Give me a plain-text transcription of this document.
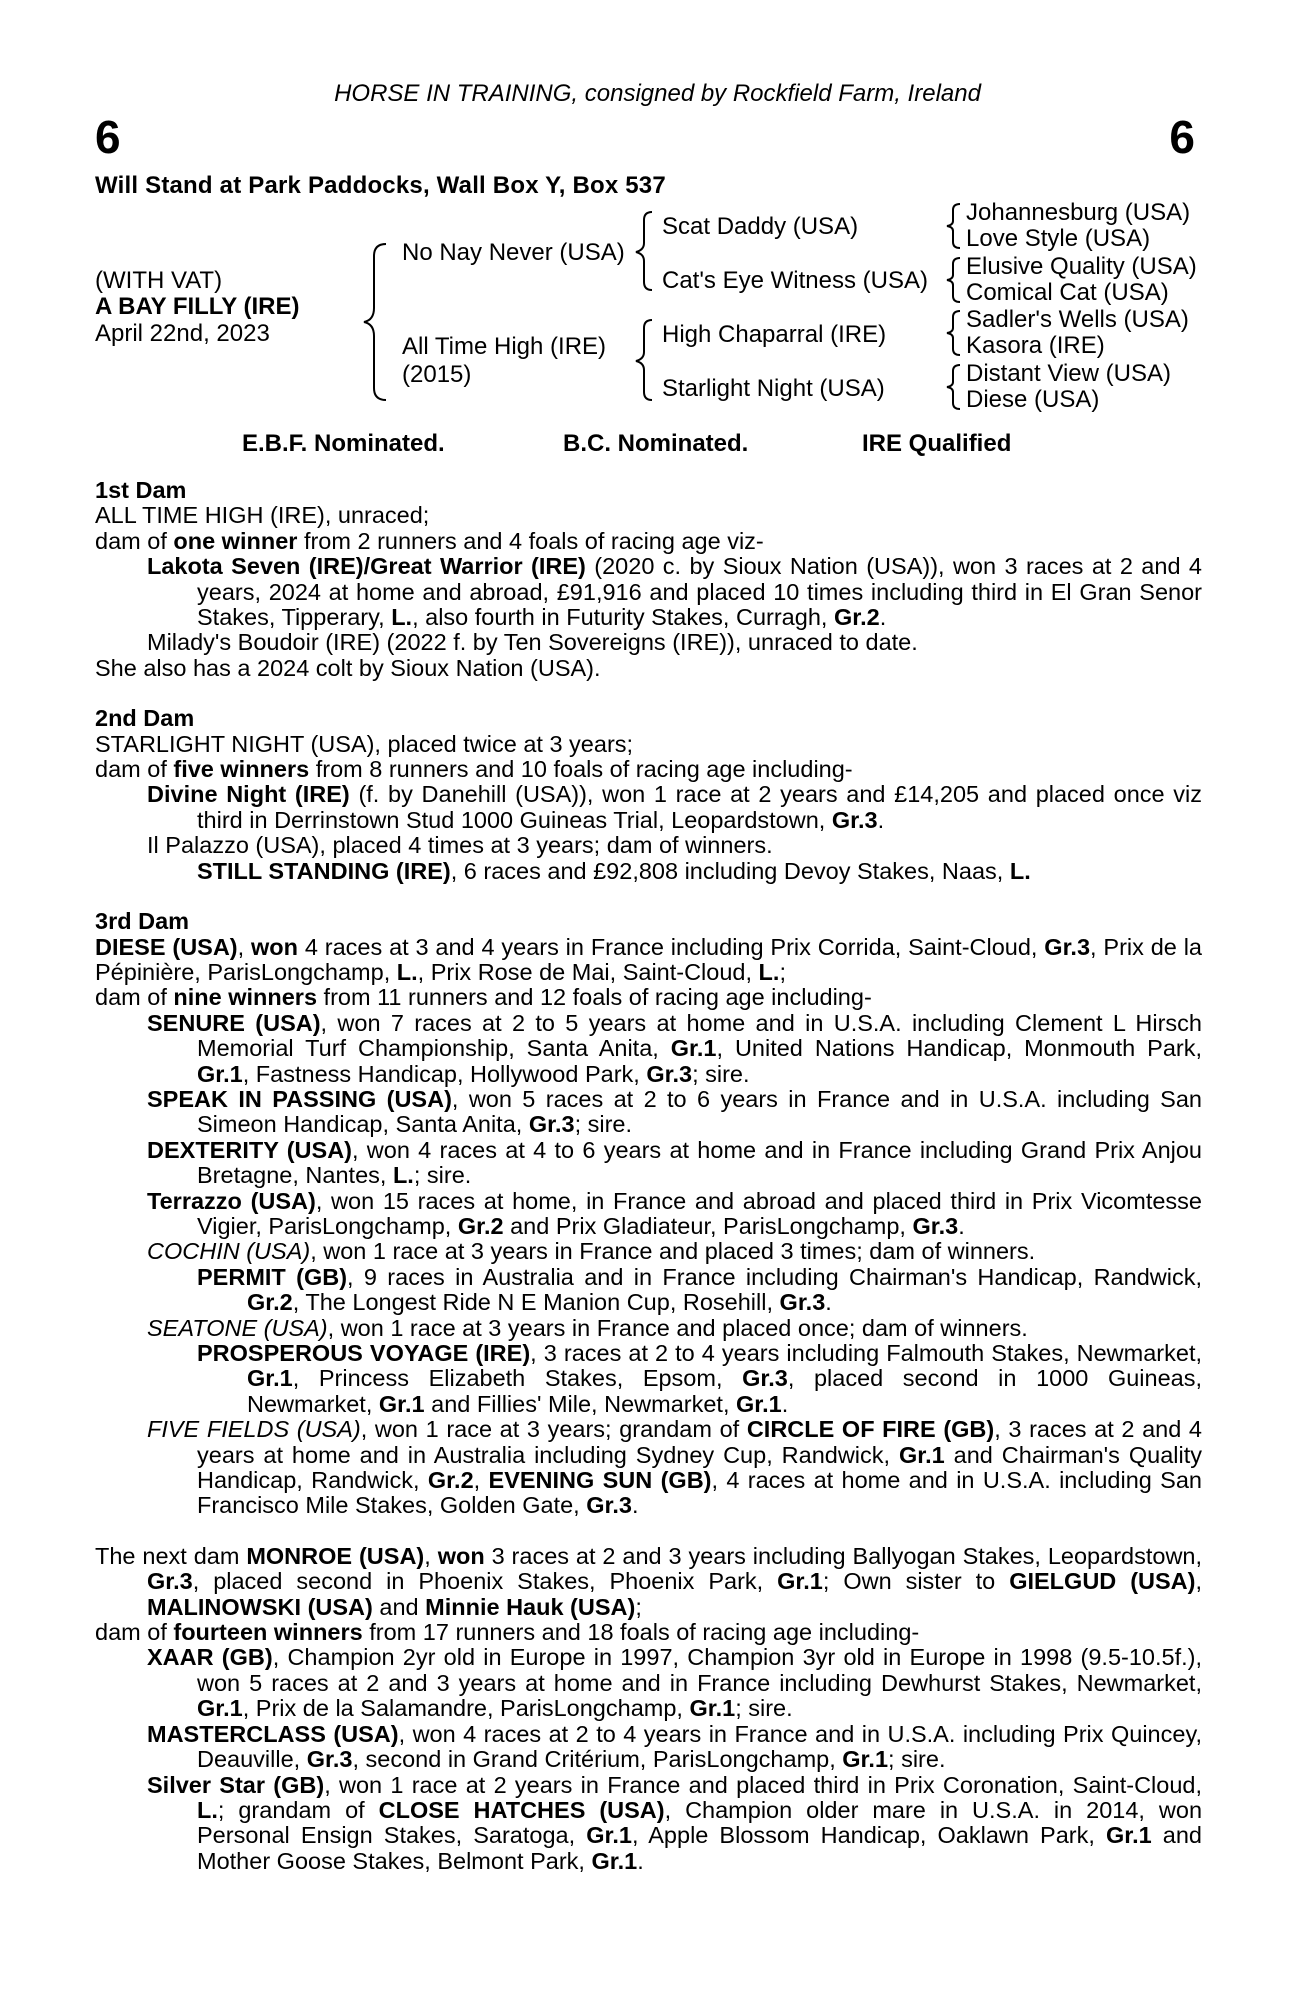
HORSE IN TRAINING, consigned by Rockfield Farm, Ireland
6	6
Will Stand at Park Paddocks, Wall Box Y, Box 537
(WITH VAT)
A BAY FILLY (IRE)
April 22nd, 2023
No Nay Never (USA)
All Time High (IRE)
(2015)
Scat Daddy (USA)
Cat's Eye Witness (USA)
High Chaparral (IRE)
Starlight Night (USA)
Johannesburg (USA)
Love Style (USA)
Elusive Quality (USA)
Comical Cat (USA)
Sadler's Wells (USA)
Kasora (IRE)
Distant View (USA)
Diese (USA)
E.B.F. Nominated.	B.C. Nominated.	IRE Qualified
1st Dam
ALL TIME HIGH (IRE), unraced;
dam of one winner from 2 runners and 4 foals of racing age viz-
Lakota Seven (IRE)/Great Warrior (IRE) (2020 c. by Sioux Nation (USA)), won 3 races at 2 and 4 years, 2024 at home and abroad, £91,916 and placed 10 times including third in El Gran Senor Stakes, Tipperary, L., also fourth in Futurity Stakes, Curragh, Gr.2.
Milady's Boudoir (IRE) (2022 f. by Ten Sovereigns (IRE)), unraced to date.
She also has a 2024 colt by Sioux Nation (USA).
2nd Dam
STARLIGHT NIGHT (USA), placed twice at 3 years;
dam of five winners from 8 runners and 10 foals of racing age including-
Divine Night (IRE) (f. by Danehill (USA)), won 1 race at 2 years and £14,205 and placed once viz third in Derrinstown Stud 1000 Guineas Trial, Leopardstown, Gr.3.
Il Palazzo (USA), placed 4 times at 3 years; dam of winners.
STILL STANDING (IRE), 6 races and £92,808 including Devoy Stakes, Naas, L.
3rd Dam
DIESE (USA), won 4 races at 3 and 4 years in France including Prix Corrida, Saint-Cloud, Gr.3, Prix de la Pépinière, ParisLongchamp, L., Prix Rose de Mai, Saint-Cloud, L.;
dam of nine winners from 11 runners and 12 foals of racing age including-
SENURE (USA), won 7 races at 2 to 5 years at home and in U.S.A. including Clement L Hirsch Memorial Turf Championship, Santa Anita, Gr.1, United Nations Handicap, Monmouth Park, Gr.1, Fastness Handicap, Hollywood Park, Gr.3; sire.
SPEAK IN PASSING (USA), won 5 races at 2 to 6 years in France and in U.S.A. including San Simeon Handicap, Santa Anita, Gr.3; sire.
DEXTERITY (USA), won 4 races at 4 to 6 years at home and in France including Grand Prix Anjou Bretagne, Nantes, L.; sire.
Terrazzo (USA), won 15 races at home, in France and abroad and placed third in Prix Vicomtesse Vigier, ParisLongchamp, Gr.2 and Prix Gladiateur, ParisLongchamp, Gr.3.
COCHIN (USA), won 1 race at 3 years in France and placed 3 times; dam of winners.
PERMIT (GB), 9 races in Australia and in France including Chairman's Handicap, Randwick, Gr.2, The Longest Ride N E Manion Cup, Rosehill, Gr.3.
SEATONE (USA), won 1 race at 3 years in France and placed once; dam of winners.
PROSPEROUS VOYAGE (IRE), 3 races at 2 to 4 years including Falmouth Stakes, Newmarket, Gr.1, Princess Elizabeth Stakes, Epsom, Gr.3, placed second in 1000 Guineas, Newmarket, Gr.1 and Fillies' Mile, Newmarket, Gr.1.
FIVE FIELDS (USA), won 1 race at 3 years; grandam of CIRCLE OF FIRE (GB), 3 races at 2 and 4 years at home and in Australia including Sydney Cup, Randwick, Gr.1 and Chairman's Quality Handicap, Randwick, Gr.2, EVENING SUN (GB), 4 races at home and in U.S.A. including San Francisco Mile Stakes, Golden Gate, Gr.3.
The next dam MONROE (USA), won 3 races at 2 and 3 years including Ballyogan Stakes, Leopardstown, Gr.3, placed second in Phoenix Stakes, Phoenix Park, Gr.1; Own sister to GIELGUD (USA), MALINOWSKI (USA) and Minnie Hauk (USA);
dam of fourteen winners from 17 runners and 18 foals of racing age including-
XAAR (GB), Champion 2yr old in Europe in 1997, Champion 3yr old in Europe in 1998 (9.5-10.5f.), won 5 races at 2 and 3 years at home and in France including Dewhurst Stakes, Newmarket, Gr.1, Prix de la Salamandre, ParisLongchamp, Gr.1; sire.
MASTERCLASS (USA), won 4 races at 2 to 4 years in France and in U.S.A. including Prix Quincey, Deauville, Gr.3, second in Grand Critérium, ParisLongchamp, Gr.1; sire.
Silver Star (GB), won 1 race at 2 years in France and placed third in Prix Coronation, Saint-Cloud, L.; grandam of CLOSE HATCHES (USA), Champion older mare in U.S.A. in 2014, won Personal Ensign Stakes, Saratoga, Gr.1, Apple Blossom Handicap, Oaklawn Park, Gr.1 and Mother Goose Stakes, Belmont Park, Gr.1.
